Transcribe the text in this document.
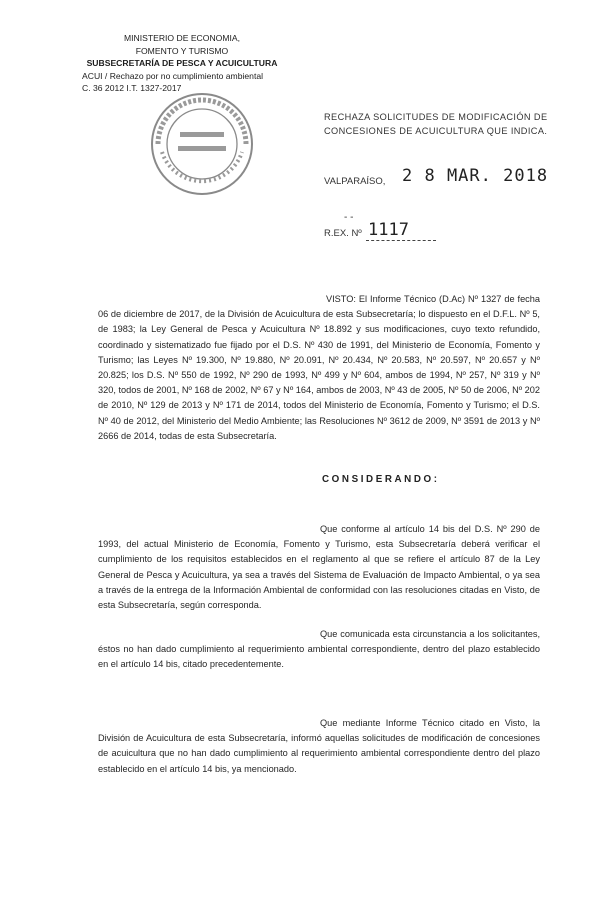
MINISTERIO DE ECONOMIA,
FOMENTO Y TURISMO
SUBSECRETARÍA DE PESCA Y ACUICULTURA
ACUI / Rechazo por no cumplimiento ambiental
C. 36 2012 I.T. 1327-2017
RECHAZA SOLICITUDES DE MODIFICACIÓN DE CONCESIONES DE ACUICULTURA QUE INDICA.
VALPARAÍSO, 2 8 MAR. 2018
- -
R.EX. Nº 1117
VISTO: El Informe Técnico (D.Ac) Nº 1327 de fecha 06 de diciembre de 2017, de la División de Acuicultura de esta Subsecretaría; lo dispuesto en el D.F.L. Nº 5, de 1983; la Ley General de Pesca y Acuicultura Nº 18.892 y sus modificaciones, cuyo texto refundido, coordinado y sistematizado fue fijado por el D.S. Nº 430 de 1991, del Ministerio de Economía, Fomento y Turismo; las Leyes Nº 19.300, Nº 19.880, Nº 20.091, Nº 20.434, Nº 20.583, Nº 20.597, Nº 20.657 y Nº 20.825; los D.S. Nº 550 de 1992, Nº 290 de 1993, Nº 499 y Nº 604, ambos de 1994, Nº 257, Nº 319 y Nº 320, todos de 2001, Nº 168 de 2002, Nº 67 y Nº 164, ambos de 2003, Nº 43 de 2005, Nº 50 de 2006, Nº 202 de 2010, Nº 129 de 2013 y Nº 171 de 2014, todos del Ministerio de Economía, Fomento y Turismo; el D.S. Nº 40 de 2012, del Ministerio del Medio Ambiente; las Resoluciones Nº 3612 de 2009, Nº 3591 de 2013 y Nº 2666 de 2014, todas de esta Subsecretaría.
CONSIDERANDO:
Que conforme al artículo 14 bis del D.S. Nº 290 de 1993, del actual Ministerio de Economía, Fomento y Turismo, esta Subsecretaría deberá verificar el cumplimiento de los requisitos establecidos en el reglamento al que se refiere el artículo 87 de la Ley General de Pesca y Acuicultura, ya sea a través del Sistema de Evaluación de Impacto Ambiental, o ya sea a través de la entrega de la Información Ambiental de conformidad con las resoluciones citadas en Visto, de esta Subsecretaría, según corresponda.
Que comunicada esta circunstancia a los solicitantes, éstos no han dado cumplimiento al requerimiento ambiental correspondiente, dentro del plazo establecido en el artículo 14 bis, citado precedentemente.
Que mediante Informe Técnico citado en Visto, la División de Acuicultura de esta Subsecretaría, informó aquellas solicitudes de modificación de concesiones de acuicultura que no han dado cumplimiento al requerimiento ambiental correspondiente dentro del plazo establecido en el artículo 14 bis, ya mencionado.
